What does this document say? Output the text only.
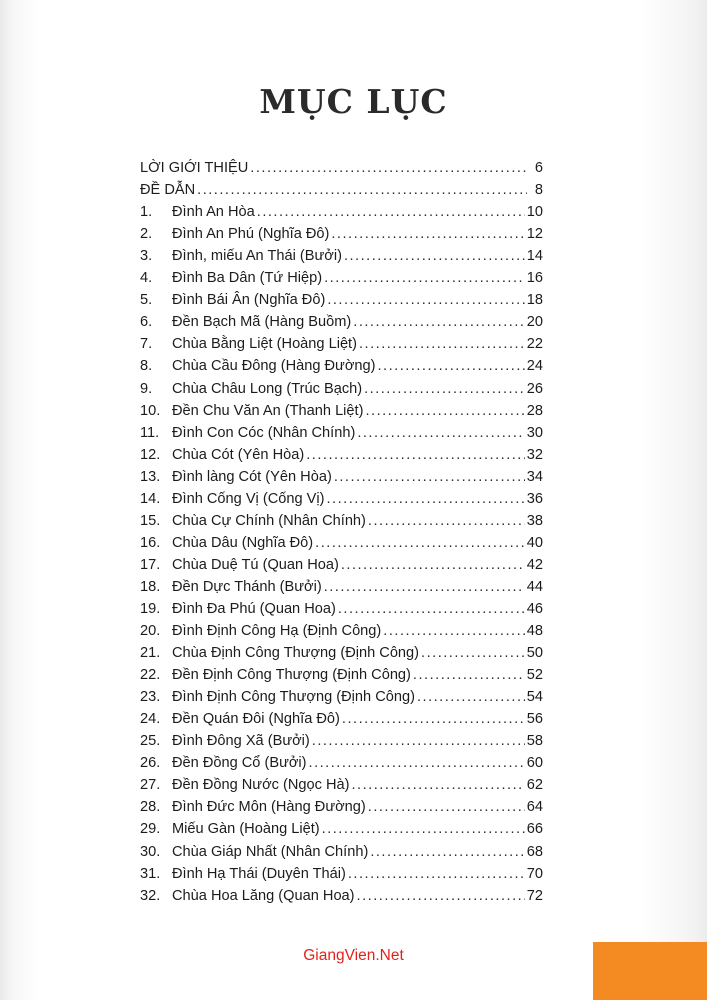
MỤC LỤC
LỜI GIỚI THIỆU .....	6
ĐỀ DẪN .....	8
1.	Đình An Hòa .....	10
2.	Đình An Phú (Nghĩa Đô) .....	12
3.	Đình, miếu An Thái (Bưởi) .....	14
4.	Đình Ba Dân (Tứ Hiệp) .....	16
5.	Đình Bái Ân (Nghĩa Đô) .....	18
6.	Đền Bạch Mã (Hàng Buồm) .....	20
7.	Chùa Bằng Liệt (Hoàng Liệt) .....	22
8.	Chùa Cầu Đông (Hàng Đường) .....	24
9.	Chùa Châu Long (Trúc Bạch) .....	26
10. Đền Chu Văn An (Thanh Liệt) .....	28
11. Đình Con Cóc (Nhân Chính) .....	30
12. Chùa Cót (Yên Hòa) .....	32
13. Đình làng Cót (Yên Hòa) .....	34
14. Đình Cống Vị (Cống Vị) .....	36
15. Chùa Cự Chính (Nhân Chính) .....	38
16. Chùa Dâu (Nghĩa Đô) .....	40
17. Chùa Duệ Tú (Quan Hoa) .....	42
18. Đền Dực Thánh (Bưởi) .....	44
19. Đình Đa Phú (Quan Hoa) .....	46
20. Đình Định Công Hạ (Định Công) .....	48
21. Chùa Định Công Thượng (Định Công) .....	50
22. Đền Định Công Thượng (Định Công) .....	52
23. Đình Định Công Thượng (Định Công) .....	54
24. Đền Quán Đôi (Nghĩa Đô) .....	56
25. Đình Đông Xã (Bưởi) .....	58
26. Đền Đồng Cổ (Bưởi) .....	60
27. Đền Đồng Nước (Ngọc Hà) .....	62
28. Đình Đức Môn (Hàng Đường) .....	64
29. Miếu Gàn (Hoàng Liệt) .....	66
30. Chùa Giáp Nhất (Nhân Chính) .....	68
31. Đình Hạ Thái (Duyên Thái) .....	70
32. Chùa Hoa Lăng (Quan Hoa) .....	72
GiangVien.Net
